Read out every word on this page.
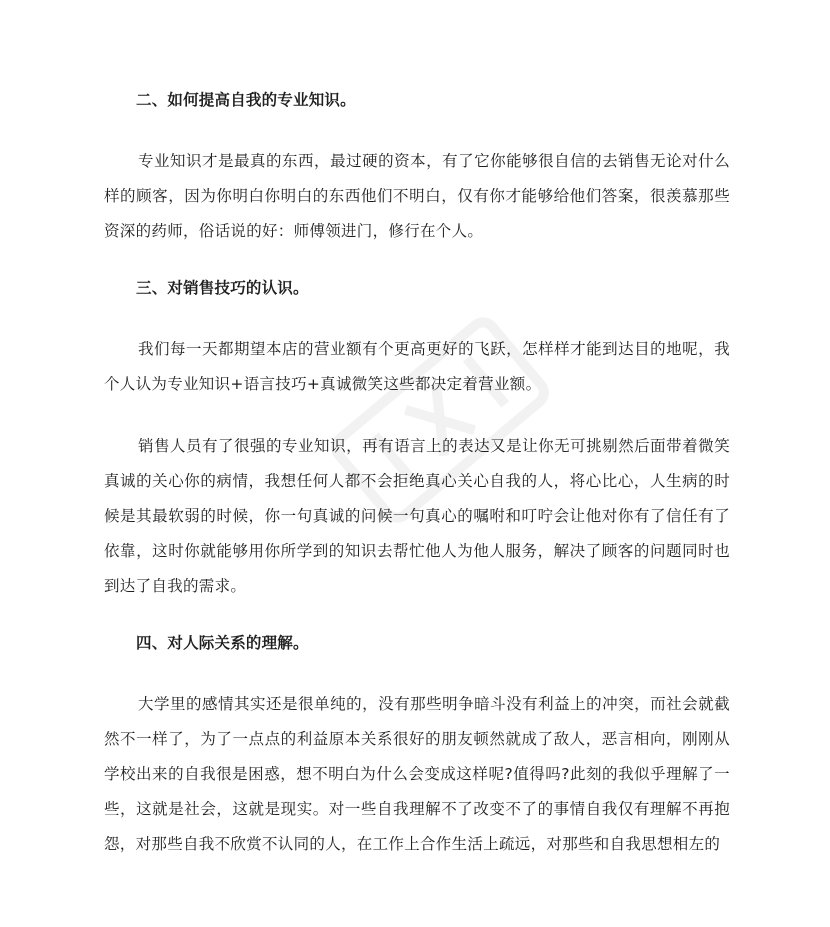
二、如何提高自我的专业知识。

专业知识才是最真的东西，最过硬的资本，有了它你能够很自信的去销售无论对什么样的顾客，因为你明白你明白的东西他们不明白，仅有你才能够给他们答案，很羡慕那些资深的药师，俗话说的好：师傅领进门，修行在个人。

三、对销售技巧的认识。

我们每一天都期望本店的营业额有个更高更好的飞跃，怎样样才能到达目的地呢，我个人认为专业知识+语言技巧+真诚微笑这些都决定着营业额。

销售人员有了很强的专业知识，再有语言上的表达又是让你无可挑剔然后面带着微笑真诚的关心你的病情，我想任何人都不会拒绝真心关心自我的人，将心比心，人生病的时候是其最软弱的时候，你一句真诚的问候一句真心的嘱咐和叮咛会让他对你有了信任有了依靠，这时你就能够用你所学到的知识去帮忙他人为他人服务，解决了顾客的问题同时也到达了自我的需求。

四、对人际关系的理解。

大学里的感情其实还是很单纯的，没有那些明争暗斗没有利益上的冲突，而社会就截然不一样了，为了一点点的利益原本关系很好的朋友顿然就成了敌人，恶言相向，刚刚从学校出来的自我很是困惑，想不明白为什么会变成这样呢?值得吗?此刻的我似乎理解了一些，这就是社会，这就是现实。对一些自我理解不了改变不了的事情自我仅有理解不再抱怨，对那些自我不欣赏不认同的人，在工作上合作生活上疏远，对那些和自我思想相左的
